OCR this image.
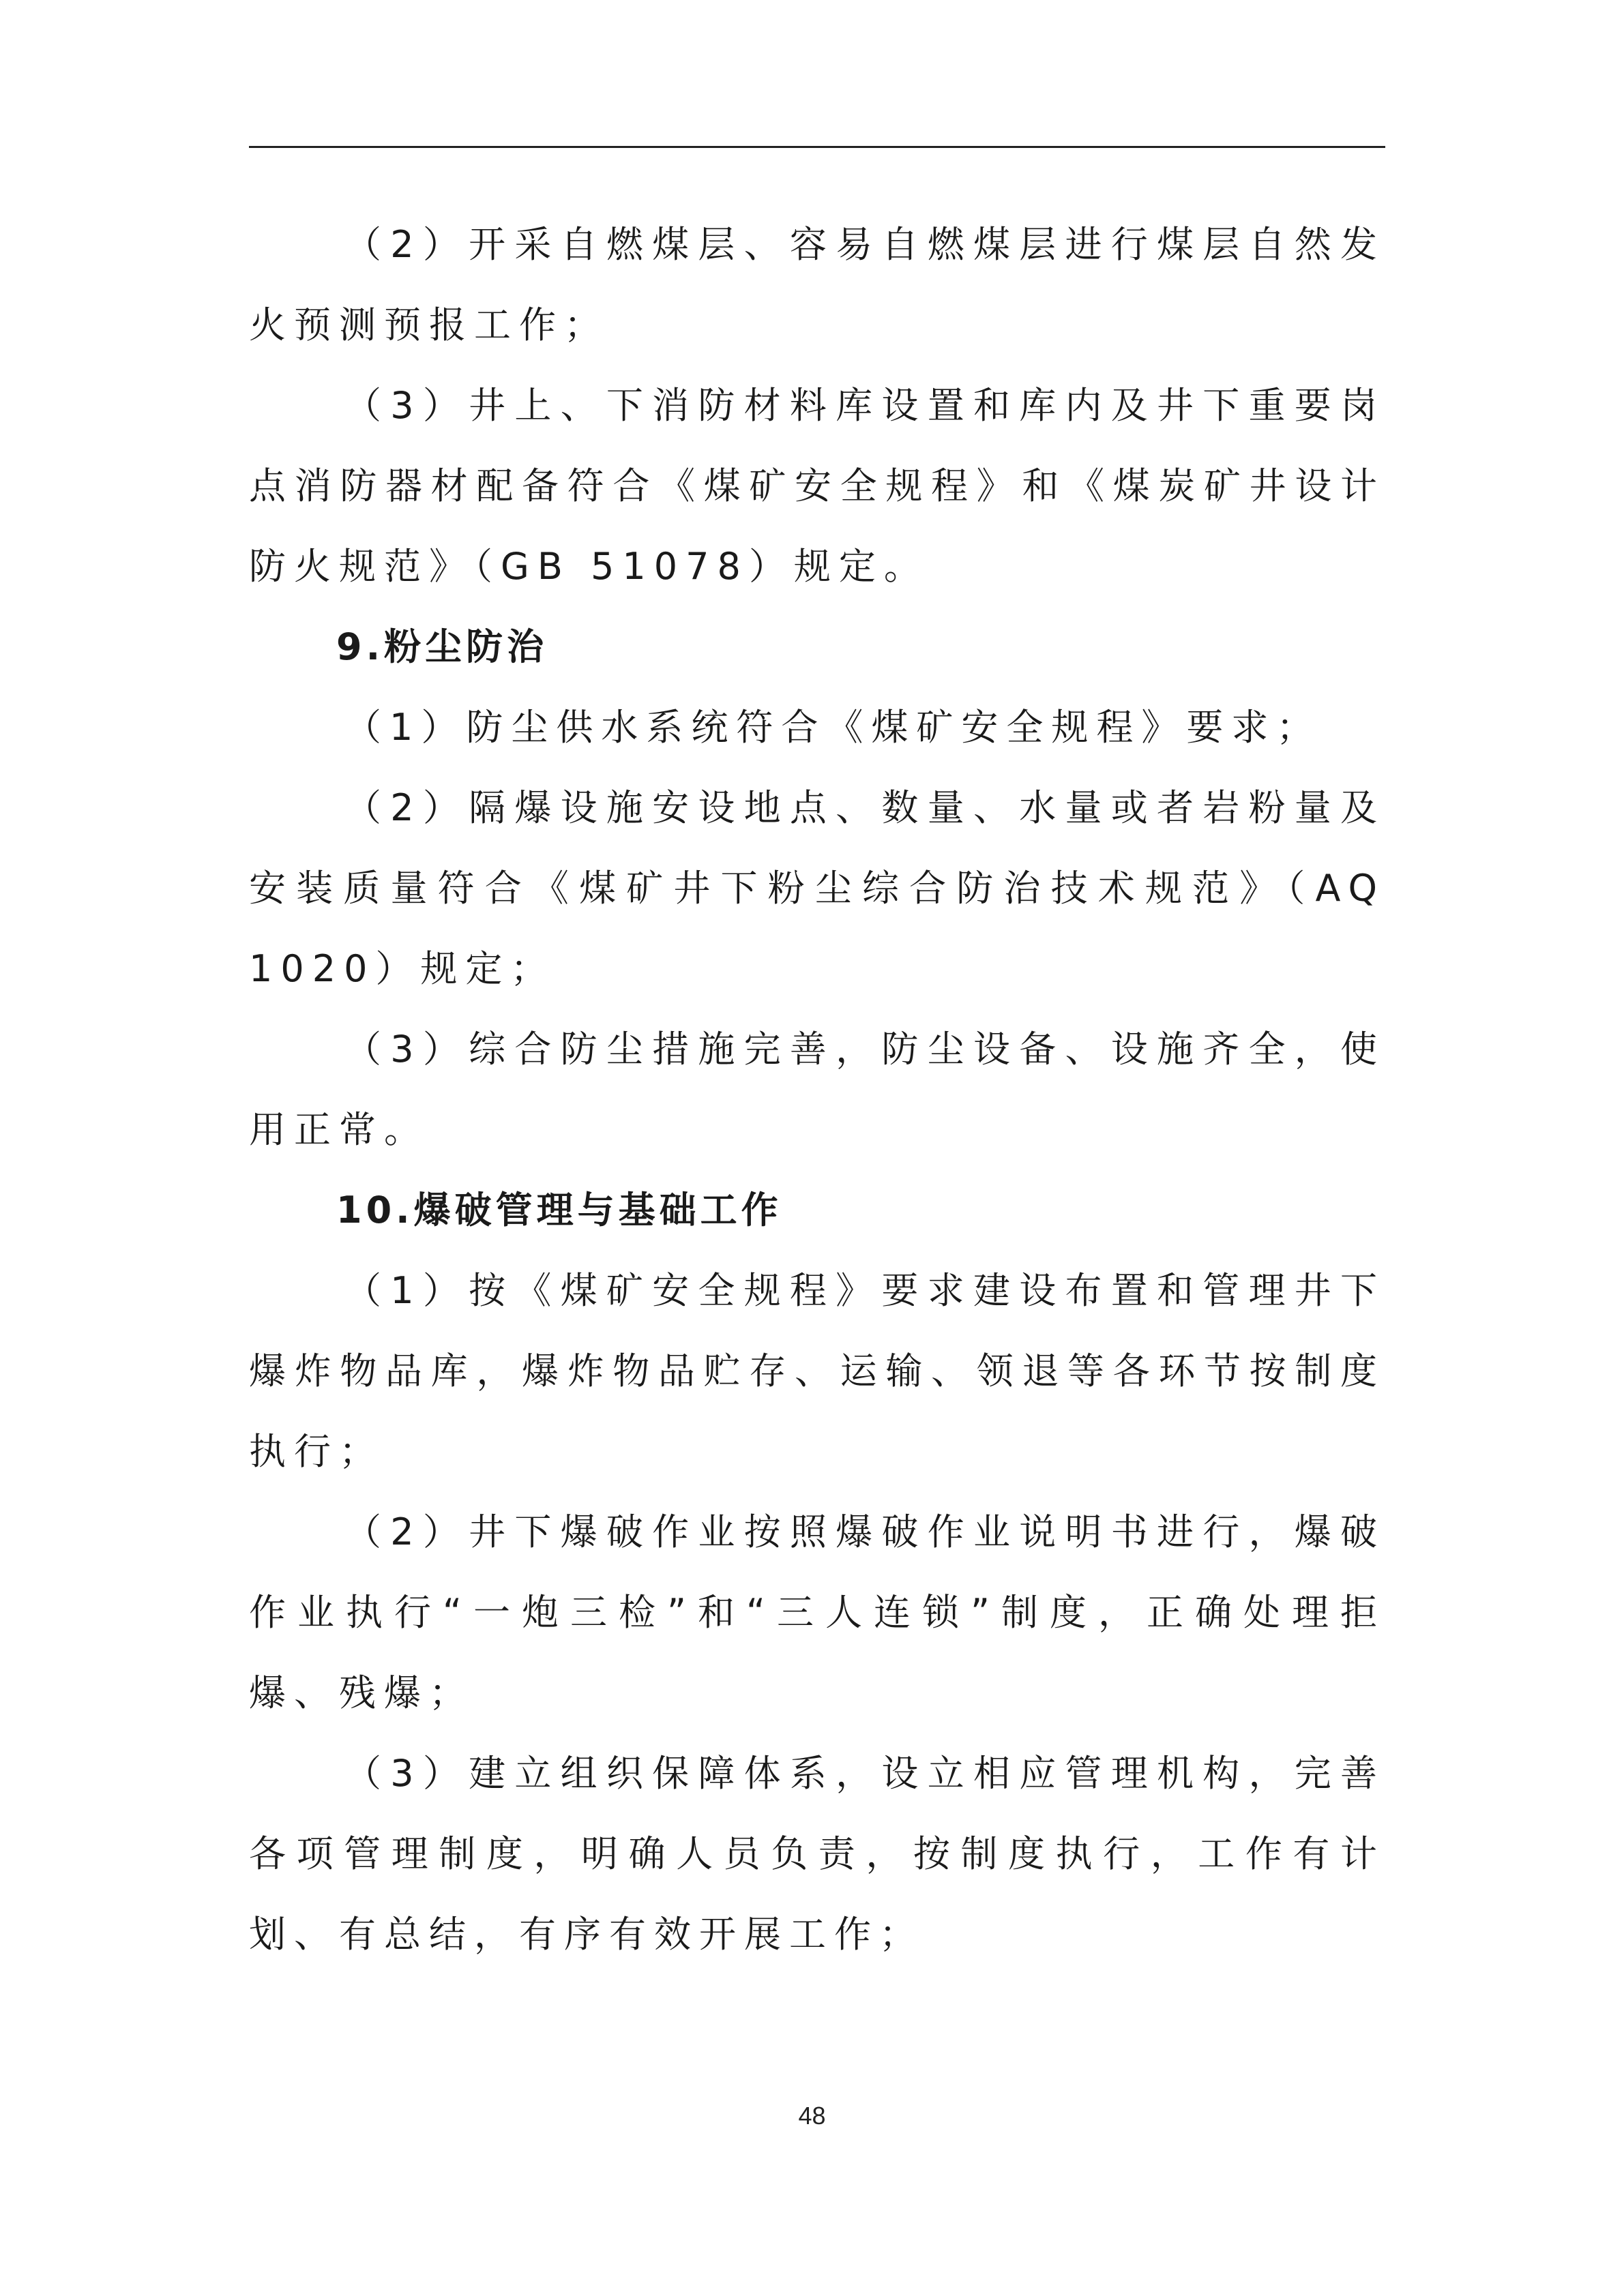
（2）开采自燃煤层、容易自燃煤层进行煤层自然发火预测预报工作；

（3）井上、下消防材料库设置和库内及井下重要岗点消防器材配备符合《煤矿安全规程》和《煤炭矿井设计防火规范》（GB 51078）规定。

9.粉尘防治

（1）防尘供水系统符合《煤矿安全规程》要求；

（2）隔爆设施安设地点、数量、水量或者岩粉量及安装质量符合《煤矿井下粉尘综合防治技术规范》（AQ 1020）规定；

（3）综合防尘措施完善，防尘设备、设施齐全，使用正常。

10.爆破管理与基础工作

（1）按《煤矿安全规程》要求建设布置和管理井下爆炸物品库，爆炸物品贮存、运输、领退等各环节按制度执行；

（2）井下爆破作业按照爆破作业说明书进行，爆破作业执行“一炮三检”和“三人连锁”制度，正确处理拒爆、残爆；

（3）建立组织保障体系，设立相应管理机构，完善各项管理制度，明确人员负责，按制度执行，工作有计划、有总结，有序有效开展工作；

48
